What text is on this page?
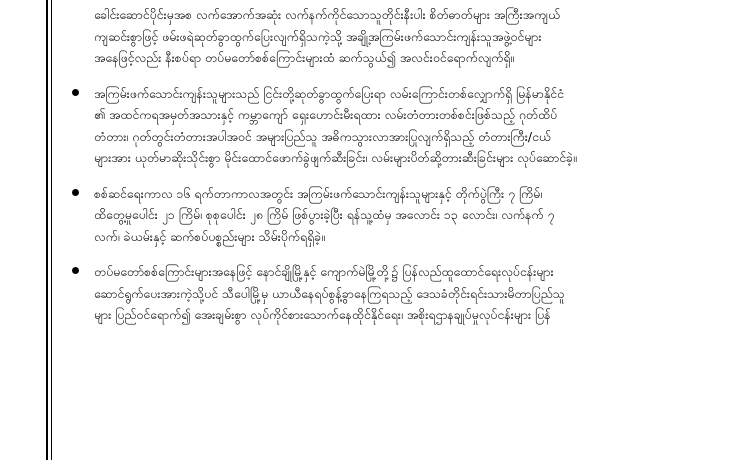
ခေါင်းဆောင်ပိုင်းမှအစ လက်အောက်အဆုံး လက်နက်ကိုင်သောသူတိုင်းနီးပါး စိတ်ဓာတ်များ အကြီးအကျယ်
ကျဆင်းစွာဖြင့် ဖမ်းဖရဲဆုတ်ခွာထွက်ပြေးလျက်ရှိသကဲ့သို့ အချို့အကြမ်းဖက်သောင်းကျန်းသူအဖွဲ့ဝင်များ
အနေဖြင့်လည်း နီးစပ်ရာ တပ်မတော်စစ်ကြောင်းများထံ ဆက်သွယ်၍ အလင်းဝင်ရောက်လျက်ရှိ။
အကြမ်းဖက်သောင်းကျန်းသူများသည် ငြင်းတို့ဆုတ်ခွာထွက်ပြေးရာ လမ်းကြောင်းတစ်လျှောက်ရှိ မြန်မာနိုင်ငံ
၏ အထင်ကရအမှတ်အသားနှင့် ကမ္ဘာကျော် ရှေးဟောင်းမီးရထား လမ်းတံတားတစ်စင်းဖြစ်သည့် ဂုတ်ထိပ်
တံတား၊ ဂုတ်တွင်းတံတားအပါအဝင် အများပြည်သူ အဓိကသွားလာအားပြုလျက်ရှိသည့် တံတားကြီး/ငယ်
များအား ယုတ်မာဆိုးသိုင်းစွာ မိုင်းထောင်ဖောက်ခွဲဖျက်ဆီးခြင်း၊ လမ်းများပိတ်ဆို့တားဆီးခြင်းများ လုပ်ဆောင်ခဲ့။
စစ်ဆင်ရေးကာလ ၁၆ ရက်တာကာလအတွင်း အကြမ်းဖက်သောင်းကျန်းသူများနှင့် တိုက်ပွဲကြီး ၇ ကြိမ်၊
ထိတွေ့မှုပေါင်း ၂၁ ကြိမ်၊ စုစုပေါင်း ၂၈ ကြိမ် ဖြစ်ပွားခဲ့ပြီး ရန်သူ့ထံမှ အလောင်း ၁၃ လောင်း၊ လက်နက် ၇
လက်၊ ခဲယမ်းနှင့် ဆက်စပ်ပစ္စည်းများ သိမ်းပိုက်ရရှိခဲ့။
တပ်မတော်စစ်ကြောင်းများအနေဖြင့် နောင်ချိုမြို့နှင့် ကျောက်မဲမြို့တို့၌ ပြန်လည်ထူထောင်ရေးလုပ်ငန်းများ
ဆောင်ရွက်ပေးအားကဲ့သို့ပင် သီပေါမြို့မှ ယာယီနေရပ်စွန့်ခွာနေကြရသည့် ဒေသခံတိုင်းရင်းသားမိတာပြည်သူ
များ ပြည်ဝင်ရောက်၍ အေးချမ်းစွာ လုပ်ကိုင်စားသောက်နေထိုင်နိုင်ရေး၊ အစိုးရဌာနချုပ်မှုလုပ်ငန်းများ ပြန်
